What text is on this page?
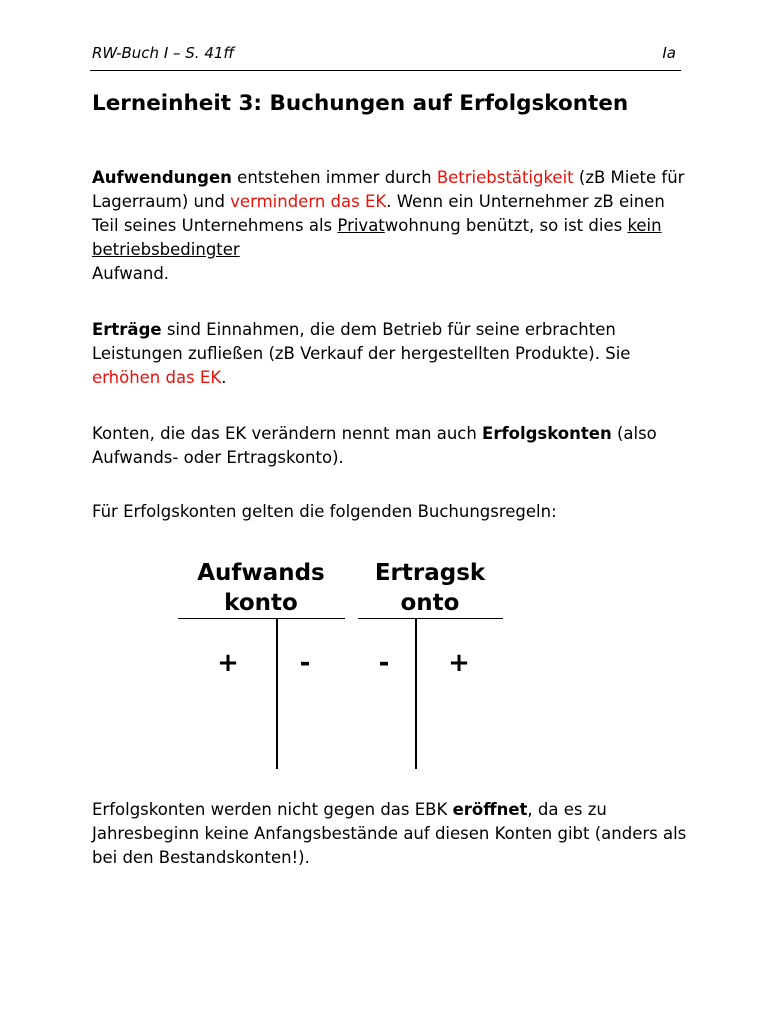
RW-Buch I – S. 41ff	Ia
Lerneinheit 3: Buchungen auf Erfolgskonten

Aufwendungen entstehen immer durch Betriebstätigkeit (zB Miete für Lagerraum) und vermindern das EK. Wenn ein Unternehmer zB einen Teil seines Unternehmens als Privatwohnung benützt, so ist dies kein betriebsbedingter
Aufwand.

Erträge sind Einnahmen, die dem Betrieb für seine erbrachten Leistungen zufließen (zB Verkauf der hergestellten Produkte). Sie erhöhen das EK.

Konten, die das EK verändern nennt man auch Erfolgskonten (also Aufwands- oder Ertragskonto).

Für Erfolgskonten gelten die folgenden Buchungsregeln:

Aufwands
konto
Ertragsk
onto
+	-	-	+

Erfolgskonten werden nicht gegen das EBK eröffnet, da es zu Jahresbeginn keine Anfangsbestände auf diesen Konten gibt (anders als bei den Bestandskonten!).
